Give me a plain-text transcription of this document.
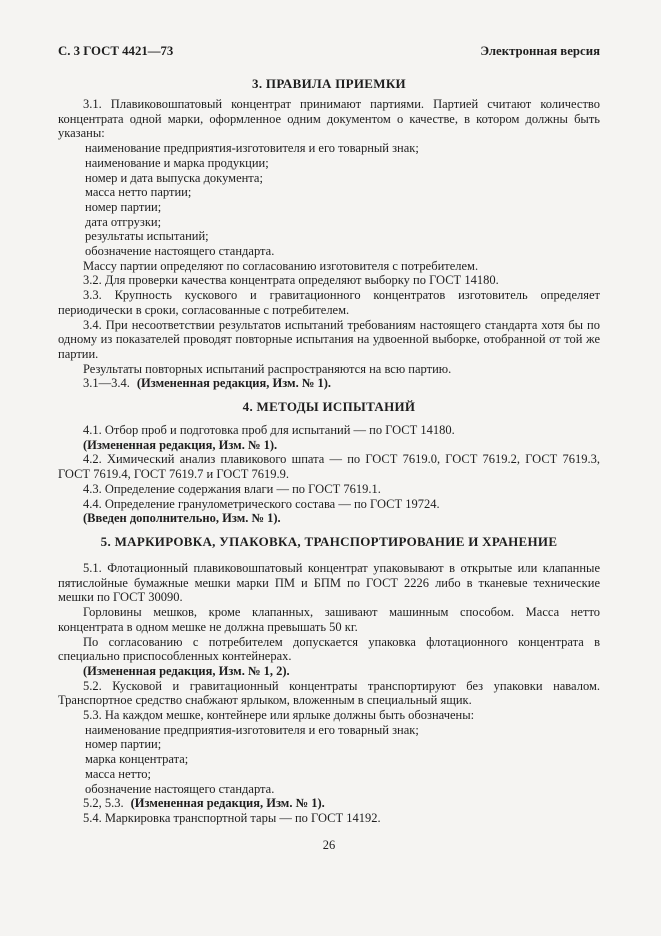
С. 3 ГОСТ 4421—73	Электронная версия
3. ПРАВИЛА ПРИЕМКИ

3.1. Плавиковошпатовый концентрат принимают партиями. Партией считают количество концентрата одной марки, оформленное одним документом о качестве, в котором должны быть указаны:

наименование предприятия-изготовителя и его товарный знак;

наименование и марка продукции;

номер и дата выпуска документа;

масса нетто партии;

номер партии;

дата отгрузки;

результаты испытаний;

обозначение настоящего стандарта.

Массу партии определяют по согласованию изготовителя с потребителем.

3.2. Для проверки качества концентрата определяют выборку по ГОСТ 14180.

3.3. Крупность кускового и гравитационного концентратов изготовитель определяет периодически в сроки, согласованные с потребителем.

3.4. При несоответствии результатов испытаний требованиям настоящего стандарта хотя бы по одному из показателей проводят повторные испытания на удвоенной выборке, отобранной от той же партии.

Результаты повторных испытаний распространяются на всю партию.

3.1—3.4. (Измененная редакция, Изм. № 1).

4. МЕТОДЫ ИСПЫТАНИЙ

4.1. Отбор проб и подготовка проб для испытаний — по ГОСТ 14180.

(Измененная редакция, Изм. № 1).

4.2. Химический анализ плавикового шпата — по ГОСТ 7619.0, ГОСТ 7619.2, ГОСТ 7619.3, ГОСТ 7619.4, ГОСТ 7619.7 и ГОСТ 7619.9.

4.3. Определение содержания влаги — по ГОСТ 7619.1.

4.4. Определение гранулометрического состава — по ГОСТ 19724.

(Введен дополнительно, Изм. № 1).

5. МАРКИРОВКА, УПАКОВКА, ТРАНСПОРТИРОВАНИЕ И ХРАНЕНИЕ

5.1. Флотационный плавиковошпатовый концентрат упаковывают в открытые или клапанные пятислойные бумажные мешки марки ПМ и БПМ по ГОСТ 2226 либо в тканевые технические мешки по ГОСТ 30090.

Горловины мешков, кроме клапанных, зашивают машинным способом. Масса нетто концентрата в одном мешке не должна превышать 50 кг.

По согласованию с потребителем допускается упаковка флотационного концентрата в специально приспособленных контейнерах.

(Измененная редакция, Изм. № 1, 2).

5.2. Кусковой и гравитационный концентраты транспортируют без упаковки навалом. Транспортное средство снабжают ярлыком, вложенным в специальный ящик.

5.3. На каждом мешке, контейнере или ярлыке должны быть обозначены:

наименование предприятия-изготовителя и его товарный знак;

номер партии;

марка концентрата;

масса нетто;

обозначение настоящего стандарта.

5.2, 5.3. (Измененная редакция, Изм. № 1).

5.4. Маркировка транспортной тары — по ГОСТ 14192.

26
